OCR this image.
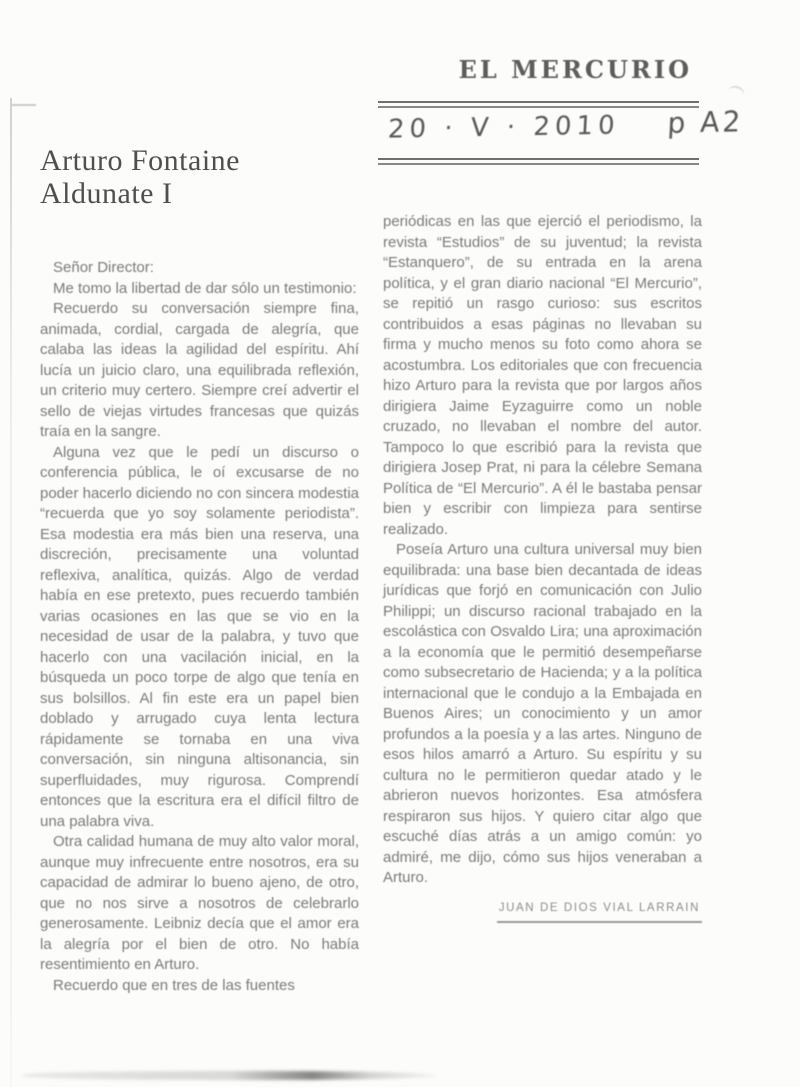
EL MERCURIO
20 · V · 2010 p A2
Arturo Fontaine
Aldunate I

Señor Director:

Me tomo la libertad de dar sólo un testimonio:

Recuerdo su conversación siempre fina, animada, cordial, cargada de alegría, que calaba las ideas la agilidad del espíritu. Ahí lucía un juicio claro, una equilibrada reflexión, un criterio muy certero. Siempre creí advertir el sello de viejas virtudes francesas que quizás traía en la sangre.

Alguna vez que le pedí un discurso o conferencia pública, le oí excusarse de no poder hacerlo diciendo no con sincera modestia “recuerda que yo soy solamente periodista”. Esa modestia era más bien una reserva, una discreción, precisamente una voluntad reflexiva, analítica, quizás. Algo de verdad había en ese pretexto, pues recuerdo también varias ocasiones en las que se vio en la necesidad de usar de la palabra, y tuvo que hacerlo con una vacilación inicial, en la búsqueda un poco torpe de algo que tenía en sus bolsillos. Al fin este era un papel bien doblado y arrugado cuya lenta lectura rápidamente se tornaba en una viva conversación, sin ninguna altisonancia, sin superfluidades, muy rigurosa. Comprendí entonces que la escritura era el difícil filtro de una palabra viva.

Otra calidad humana de muy alto valor moral, aunque muy infrecuente entre nosotros, era su capacidad de admirar lo bueno ajeno, de otro, que no nos sirve a nosotros de celebrarlo generosamente. Leibniz decía que el amor era la alegría por el bien de otro. No había resentimiento en Arturo.

Recuerdo que en tres de las fuentes

periódicas en las que ejerció el periodismo, la revista “Estudios” de su juventud; la revista “Estanquero”, de su entrada en la arena política, y el gran diario nacional “El Mercurio”, se repitió un rasgo curioso: sus escritos contribuidos a esas páginas no llevaban su firma y mucho menos su foto como ahora se acostumbra. Los editoriales que con frecuencia hizo Arturo para la revista que por largos años dirigiera Jaime Eyzaguirre como un noble cruzado, no llevaban el nombre del autor. Tampoco lo que escribió para la revista que dirigiera Josep Prat, ni para la célebre Semana Política de “El Mercurio”. A él le bastaba pensar bien y escribir con limpieza para sentirse realizado.

Poseía Arturo una cultura universal muy bien equilibrada: una base bien decantada de ideas jurídicas que forjó en comunicación con Julio Philippi; un discurso racional trabajado en la escolástica con Osvaldo Lira; una aproximación a la economía que le permitió desempeñarse como subsecretario de Hacienda; y a la política internacional que le condujo a la Embajada en Buenos Aires; un conocimiento y un amor profundos a la poesía y a las artes. Ninguno de esos hilos amarró a Arturo. Su espíritu y su cultura no le permitieron quedar atado y le abrieron nuevos horizontes. Esa atmósfera respiraron sus hijos. Y quiero citar algo que escuché días atrás a un amigo común: yo admiré, me dijo, cómo sus hijos veneraban a Arturo.

JUAN DE DIOS VIAL LARRAIN
